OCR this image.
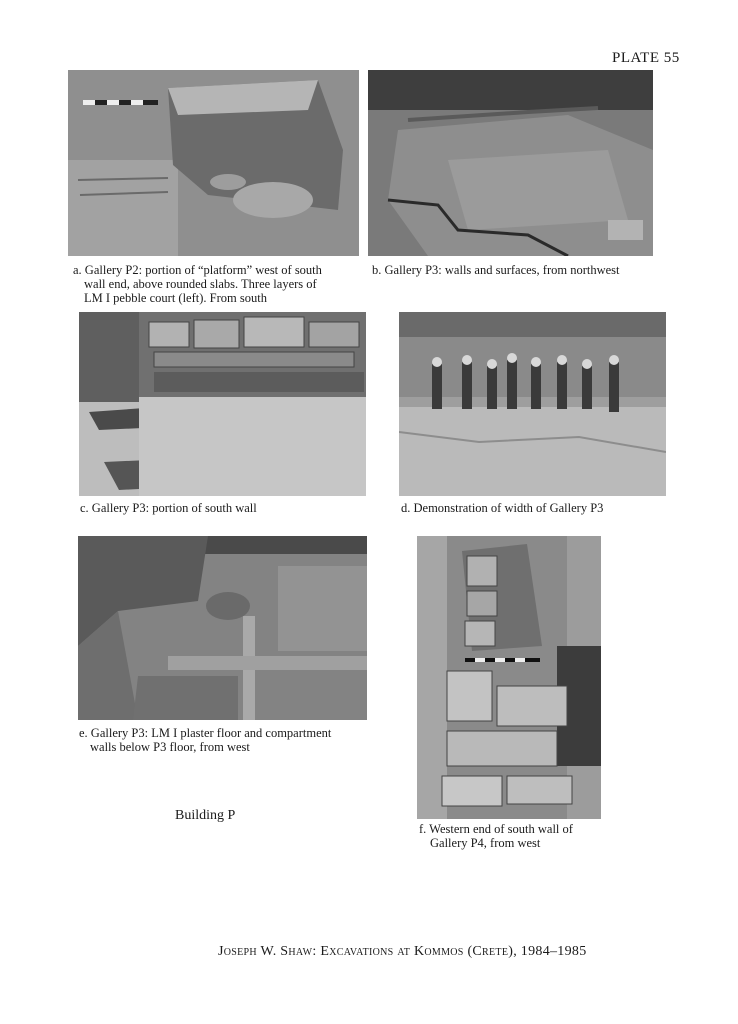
PLATE 55
a. Gallery P2: portion of “platform” west of south
wall end, above rounded slabs. Three layers of
LM I pebble court (left). From south
b. Gallery P3: walls and surfaces, from northwest
c. Gallery P3: portion of south wall	d. Demonstration of width of Gallery P3
e. Gallery P3: LM I plaster floor and compartment
walls below P3 floor, from west
f. Western end of south wall of
Gallery P4, from west
Building P
Joseph W. Shaw: Excavations at Kommos (Crete), 1984–1985
